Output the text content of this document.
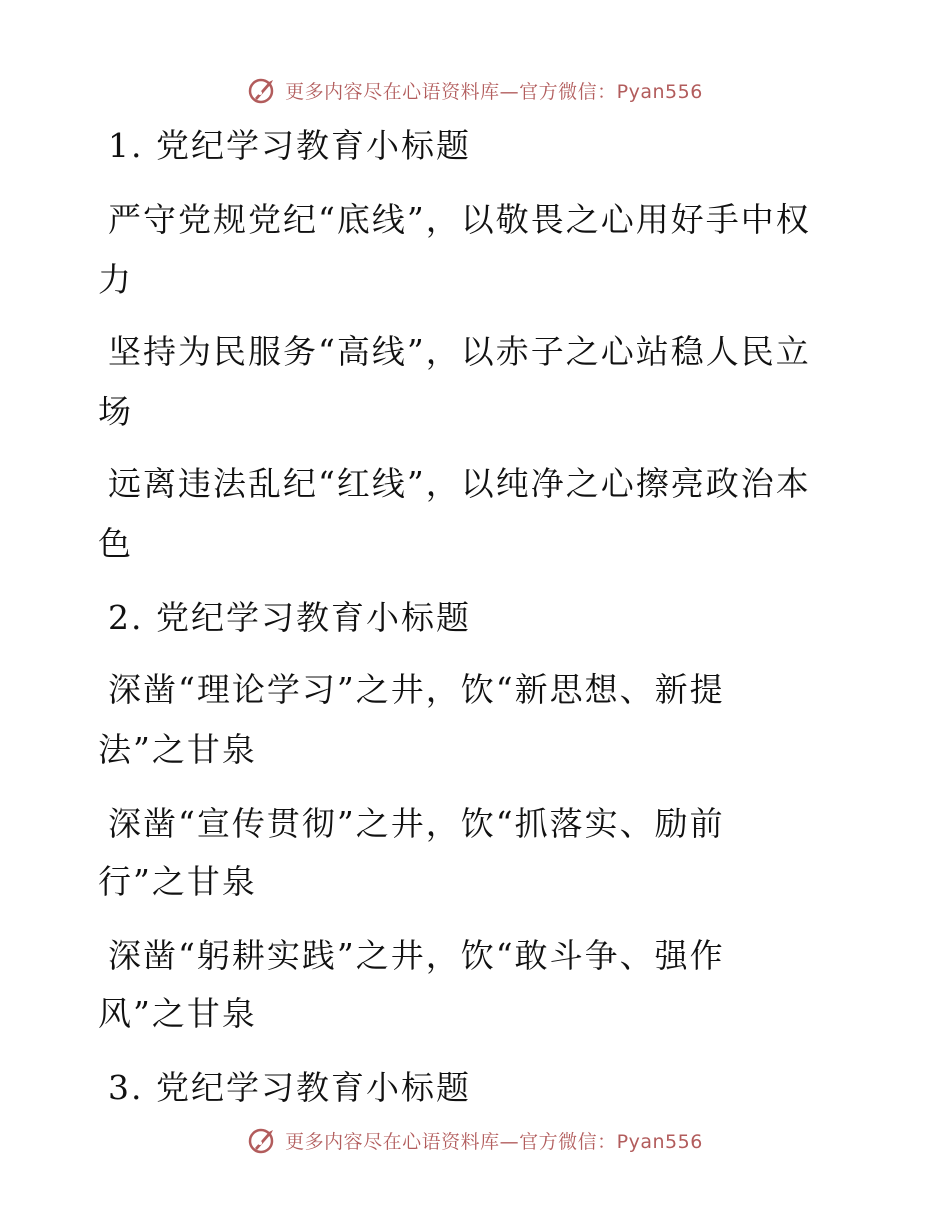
更多内容尽在心语资料库—官方微信：Pyan556
1. 党纪学习教育小标题
严守党规党纪“底线”，以敬畏之心用好手中权
力
坚持为民服务“高线”，以赤子之心站稳人民立
场
远离违法乱纪“红线”，以纯净之心擦亮政治本
色
2. 党纪学习教育小标题
深凿“理论学习”之井，饮“新思想、新提
法”之甘泉
深凿“宣传贯彻”之井，饮“抓落实、励前
行”之甘泉
深凿“躬耕实践”之井，饮“敢斗争、强作
风”之甘泉
3. 党纪学习教育小标题
更多内容尽在心语资料库—官方微信：Pyan556
